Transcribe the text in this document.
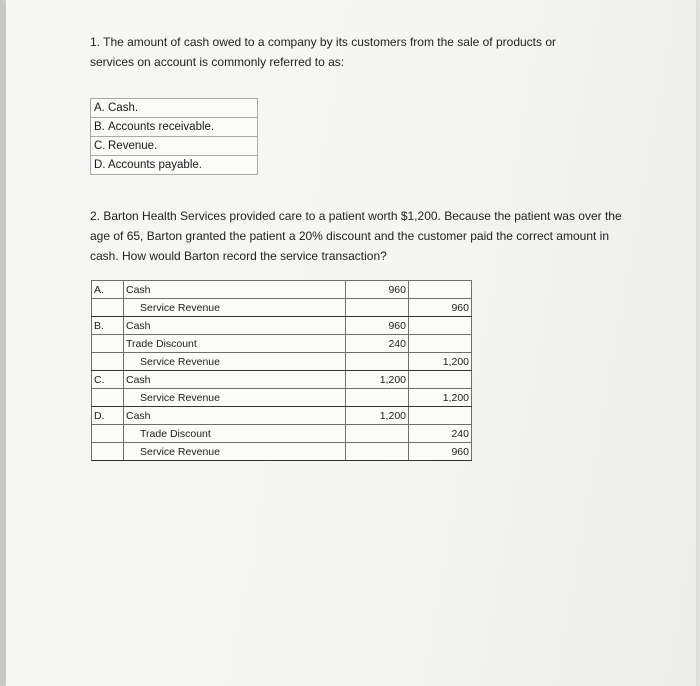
1. The amount of cash owed to a company by its customers from the sale of products or services on account is commonly referred to as:

A. Cash.
B. Accounts receivable.
C. Revenue.
D. Accounts payable.

2. Barton Health Services provided care to a patient worth $1,200. Because the patient was over the age of 65, Barton granted the patient a 20% discount and the customer paid the correct amount in cash. How would Barton record the service transaction?

A.	Cash	960	
	Service Revenue		960
B.	Cash	960	
	Trade Discount	240	
	Service Revenue		1,200
C.	Cash	1,200	
	Service Revenue		1,200
D.	Cash	1,200	
	Trade Discount		240
	Service Revenue		960
